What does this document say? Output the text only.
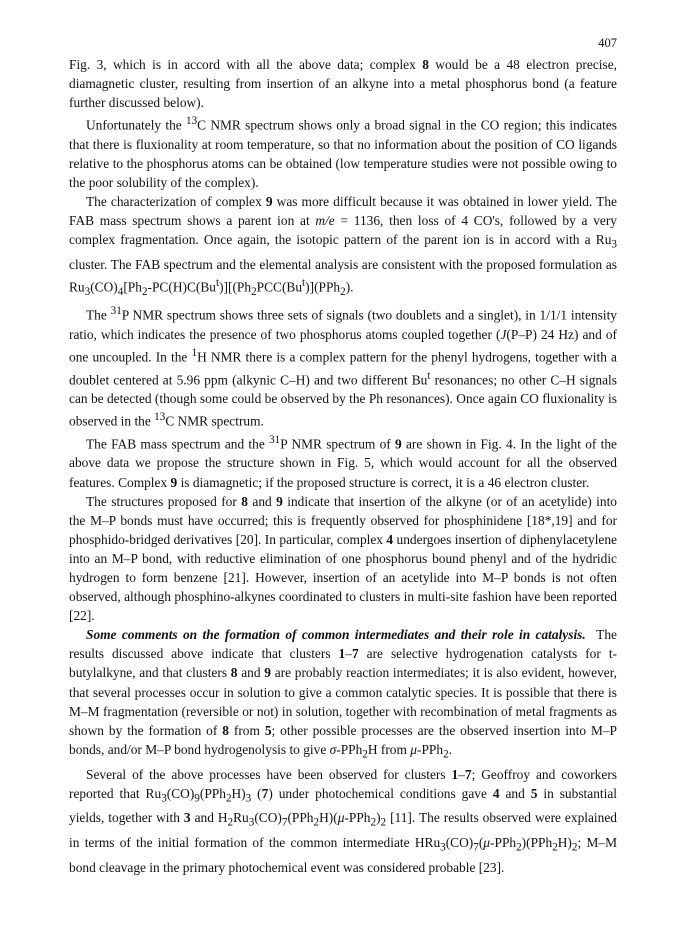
407

Fig. 3, which is in accord with all the above data; complex 8 would be a 48 electron precise, diamagnetic cluster, resulting from insertion of an alkyne into a metal phosphorus bond (a feature further discussed below).

Unfortunately the $^{13}$C NMR spectrum shows only a broad signal in the CO region; this indicates that there is fluxionality at room temperature, so that no information about the position of CO ligands relative to the phosphorus atoms can be obtained (low temperature studies were not possible owing to the poor solubility of the complex).

The characterization of complex 9 was more difficult because it was obtained in lower yield. The FAB mass spectrum shows a parent ion at m/e = 1136, then loss of 4 CO's, followed by a very complex fragmentation. Once again, the isotopic pattern of the parent ion is in accord with a $Ru_3$ cluster. The FAB spectrum and the elemental analysis are consistent with the proposed formulation as $Ru_3(CO)_4[Ph_2-PC(H)C(Bu^t)][(Ph_2PCC(Bu^t)](PPh_2)$.

The $^{31}$P NMR spectrum shows three sets of signals (two doublets and a singlet), in 1/1/1 intensity ratio, which indicates the presence of two phosphorus atoms coupled together (J(P–P) 24 Hz) and of one uncoupled. In the $^1$H NMR there is a complex pattern for the phenyl hydrogens, together with a doublet centered at 5.96 ppm (alkynic C–H) and two different Bu$^t$ resonances; no other C–H signals can be detected (though some could be observed by the Ph resonances). Once again CO fluxionality is observed in the $^{13}$C NMR spectrum.

The FAB mass spectrum and the $^{31}$P NMR spectrum of 9 are shown in Fig. 4. In the light of the above data we propose the structure shown in Fig. 5, which would account for all the observed features. Complex 9 is diamagnetic; if the proposed structure is correct, it is a 46 electron cluster.

The structures proposed for 8 and 9 indicate that insertion of the alkyne (or of an acetylide) into the M–P bonds must have occurred; this is frequently observed for phosphinidene [18*,19] and for phosphido-bridged derivatives [20]. In particular, complex 4 undergoes insertion of diphenylacetylene into an M–P bond, with reductive elimination of one phosphorus bound phenyl and of the hydridic hydrogen to form benzene [21]. However, insertion of an acetylide into M–P bonds is not often observed, although phosphino-alkynes coordinated to clusters in multi-site fashion have been reported [22].

Some comments on the formation of common intermediates and their role in catalysis.  The results discussed above indicate that clusters 1–7 are selective hydrogenation catalysts for t-butylalkyne, and that clusters 8 and 9 are probably reaction intermediates; it is also evident, however, that several processes occur in solution to give a common catalytic species. It is possible that there is M–M fragmentation (reversible or not) in solution, together with recombination of metal fragments as shown by the formation of 8 from 5; other possible processes are the observed insertion into M–P bonds, and/or M–P bond hydrogenolysis to give σ-PPh$_2$H from μ-PPh$_2$.

Several of the above processes have been observed for clusters 1–7; Geoffroy and coworkers reported that $Ru_3(CO)_9(PPh_2H)_3$ (7) under photochemical conditions gave 4 and 5 in substantial yields, together with 3 and $H_2Ru_3(CO)_7(PPh_2H)(\mu-PPh_2)_2$ [11]. The results observed were explained in terms of the initial formation of the common intermediate $HRu_3(CO)_7(\mu-PPh_2)(PPh_2H)_2$; M–M bond cleavage in the primary photochemical event was considered probable [23].
